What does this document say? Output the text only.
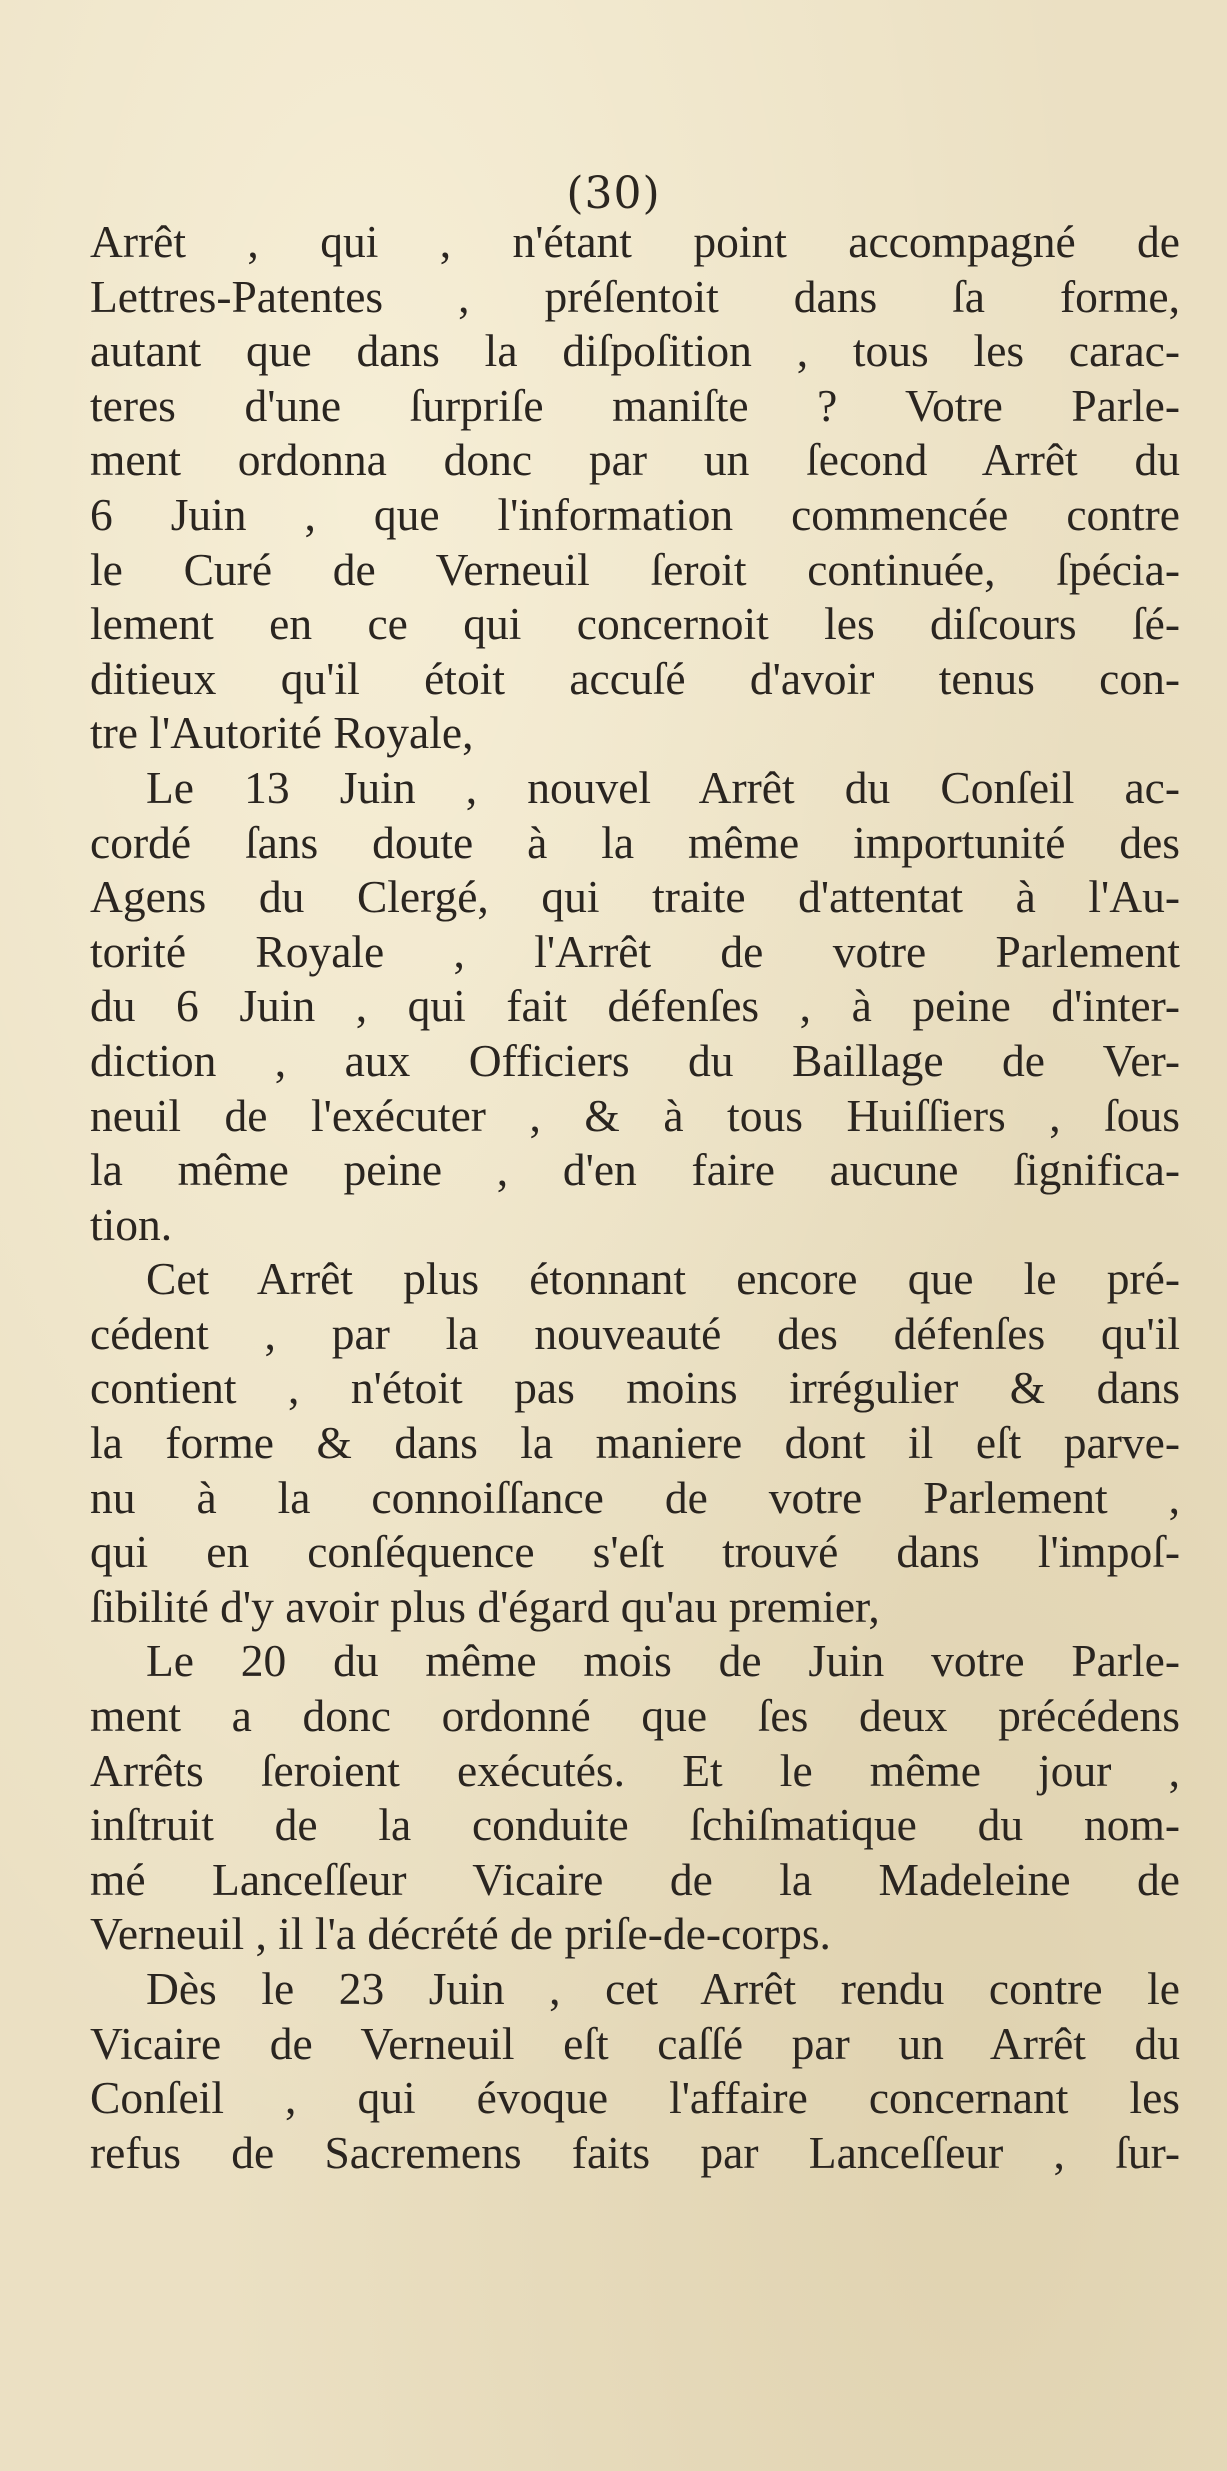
(30)
Arrêt , qui , n'étant point accompagné de
Lettres-Patentes , préſentoit dans ſa forme,
autant que dans la diſpoſition , tous les carac-
teres d'une ſurpriſe maniſte ? Votre Parle-
ment ordonna donc par un ſecond Arrêt du
6 Juin , que l'information commencée contre
le Curé de Verneuil ſeroit continuée, ſpécia-
lement en ce qui concernoit les diſcours ſé-
ditieux qu'il étoit accuſé d'avoir tenus con-
tre l'Autorité Royale,
Le 13 Juin , nouvel Arrêt du Conſeil ac-
cordé ſans doute à la même importunité des
Agens du Clergé, qui traite d'attentat à l'Au-
torité Royale , l'Arrêt de votre Parlement
du 6 Juin , qui fait défenſes , à peine d'inter-
diction , aux Officiers du Baillage de Ver-
neuil de l'exécuter , & à tous Huiſſiers , ſous
la même peine , d'en faire aucune ſignifica-
tion.
Cet Arrêt plus étonnant encore que le pré-
cédent , par la nouveauté des défenſes qu'il
contient , n'étoit pas moins irrégulier & dans
la forme & dans la maniere dont il eſt parve-
nu à la connoiſſance de votre Parlement ,
qui en conſéquence s'eſt trouvé dans l'impoſ-
ſibilité d'y avoir plus d'égard qu'au premier,
Le 20 du même mois de Juin votre Parle-
ment a donc ordonné que ſes deux précédens
Arrêts ſeroient exécutés. Et le même jour ,
inſtruit de la conduite ſchiſmatique du nom-
mé Lanceſſeur Vicaire de la Madeleine de
Verneuil , il l'a décrété de priſe-de-corps.
Dès le 23 Juin , cet Arrêt rendu contre le
Vicaire de Verneuil eſt caſſé par un Arrêt du
Conſeil , qui évoque l'affaire concernant les
refus de Sacremens faits par Lanceſſeur , ſur-
